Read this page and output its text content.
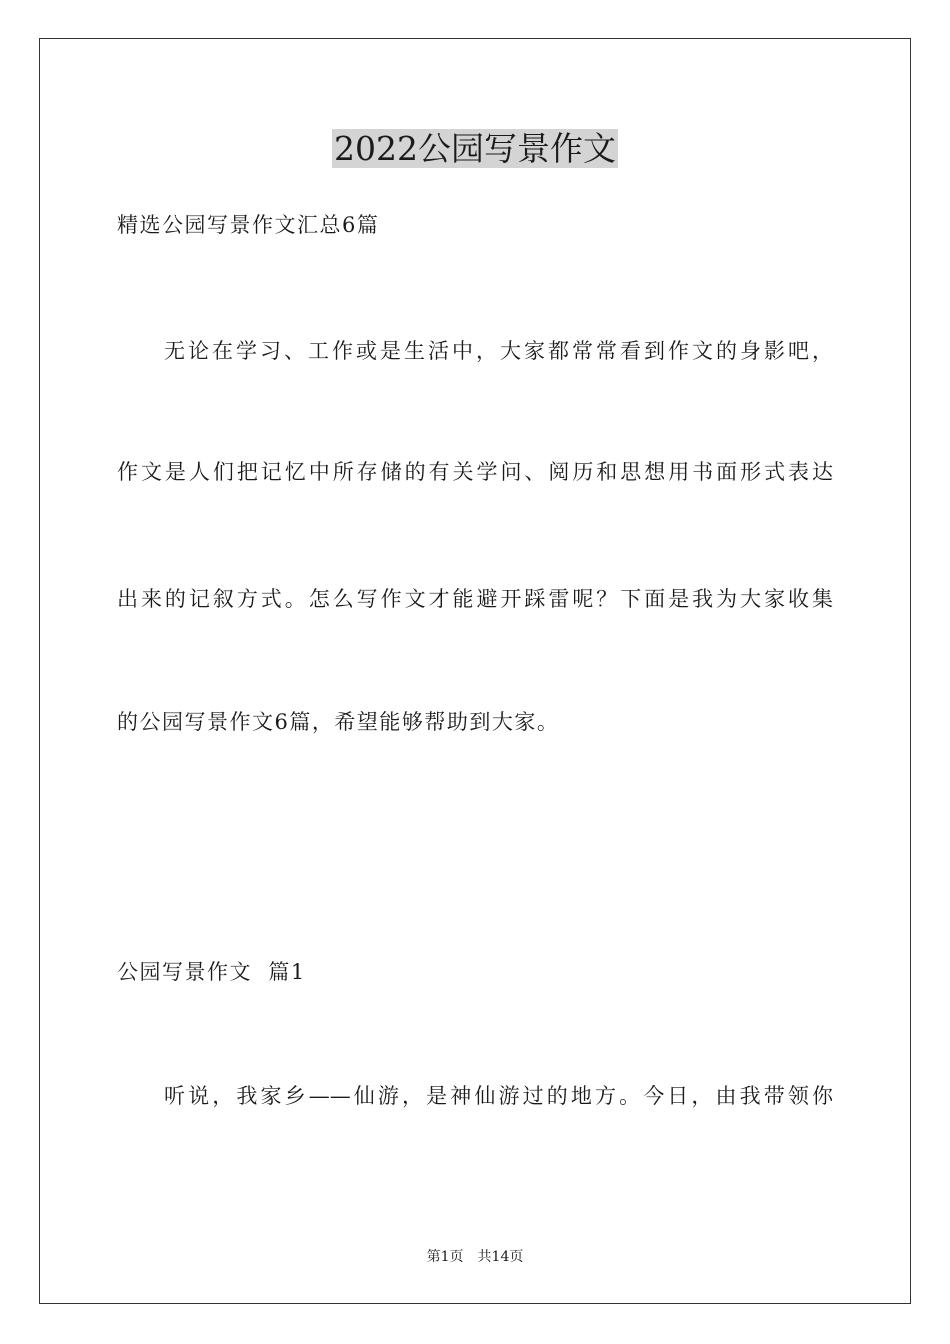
2022公园写景作文
精选公园写景作文汇总6篇
无论在学习、工作或是生活中，大家都常常看到作文的身影吧，
作文是人们把记忆中所存储的有关学问、阅历和思想用书面形式表达
出来的记叙方式。怎么写作文才能避开踩雷呢？下面是我为大家收集
的公园写景作文6篇，希望能够帮助到大家。
公园写景作文  篇1
听说，我家乡——仙游，是神仙游过的地方。今日，由我带领你
第1页 共14页
